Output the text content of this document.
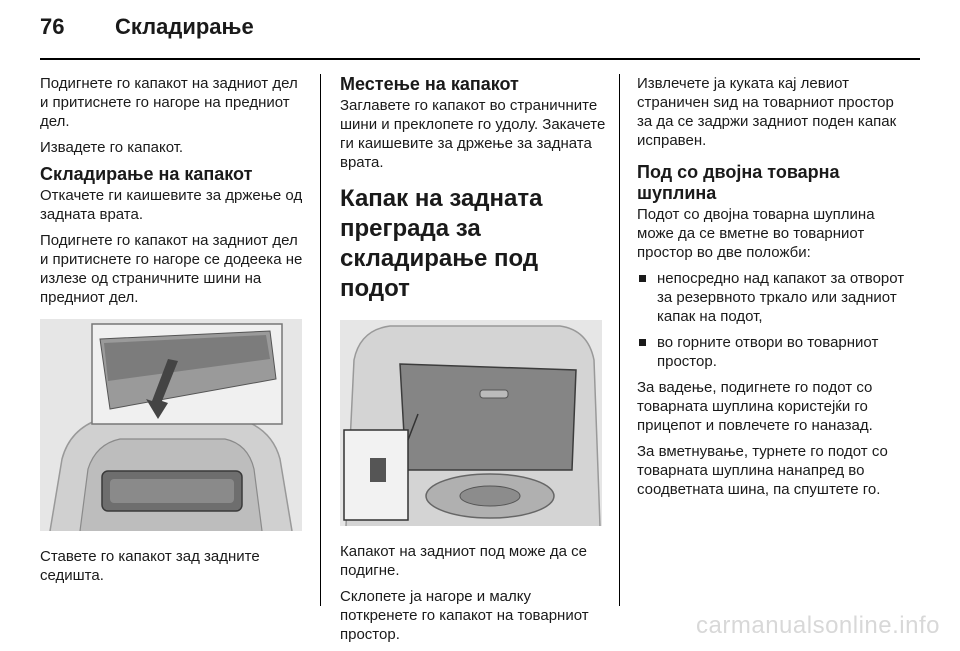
76 Складирање

Подигнете го капакот на задниот дел и притиснете го нагоре на предниот дел.

Извадете го капакот.

Складирање на капакот

Откачете ги каишевите за држење од задната врата.

Подигнете го капакот на задниот дел и притиснете го нагоре се додеека не излезе од страничните шини на предниот дел.

Ставете го капакот зад задните седишта.

Местење на капакот

Заглавете го капакот во страничните шини и преклопете го удолу. Закачете ги каишевите за држење за задната врата.

Капак на задната преграда за складирање под подот

Капакот на задниот под може да се подигне.

Склопете ја нагоре и малку поткренете го капакот на товарниот простор.

Извлечете ја куката кај левиот страничен ѕид на товарниот простор за да се задржи задниот поден капак исправен.

Под со двојна товарна шуплина

Подот со двојна товарна шуплина може да се вметне во товарниот простор во две положби:

непосредно над капакот за отворот за резервното тркало или задниот капак на подот,
во горните отвори во товарниот простор.

За вадење, подигнете го подот со товарната шуплина користејќи го прицепот и повлечете го наназад.

За вметнување, турнете го подот со товарната шуплина нанапред во соодветната шина, па спуштете го.

carmanualsonline.info
